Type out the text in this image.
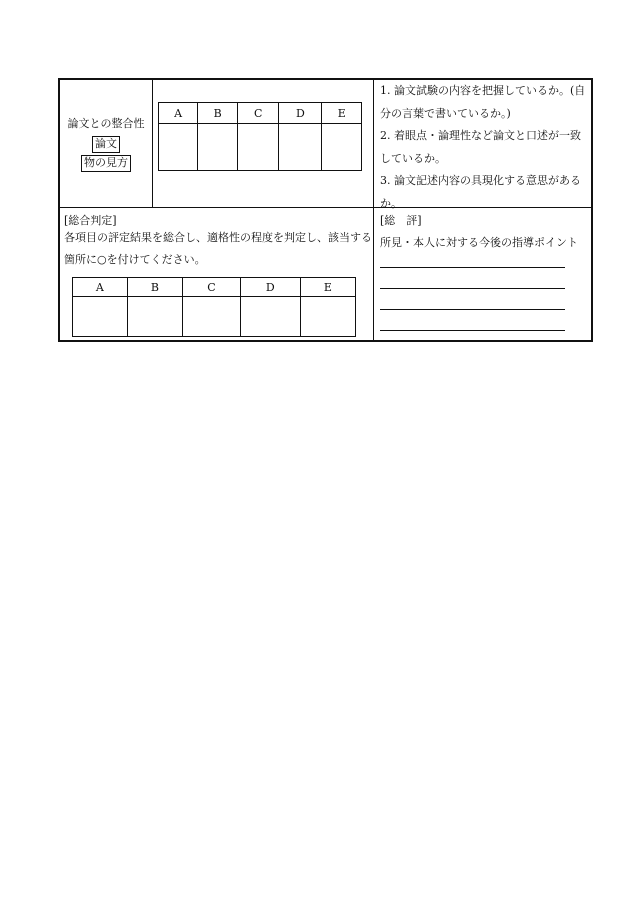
論文との整合性
論文
物の見方
A	B	C	D	E

1. 論文試験の内容を把握しているか。(自分の言葉で書いているか。)
2. 着眼点・論理性など論文と口述が一致しているか。
3. 論文記述内容の具現化する意思があるか。
[総合判定]
各項目の評定結果を総合し、適格性の程度を判定し、該当する箇所に○を付けてください。
A	B	C	D	E

[総　評]
所見・本人に対する今後の指導ポイント
